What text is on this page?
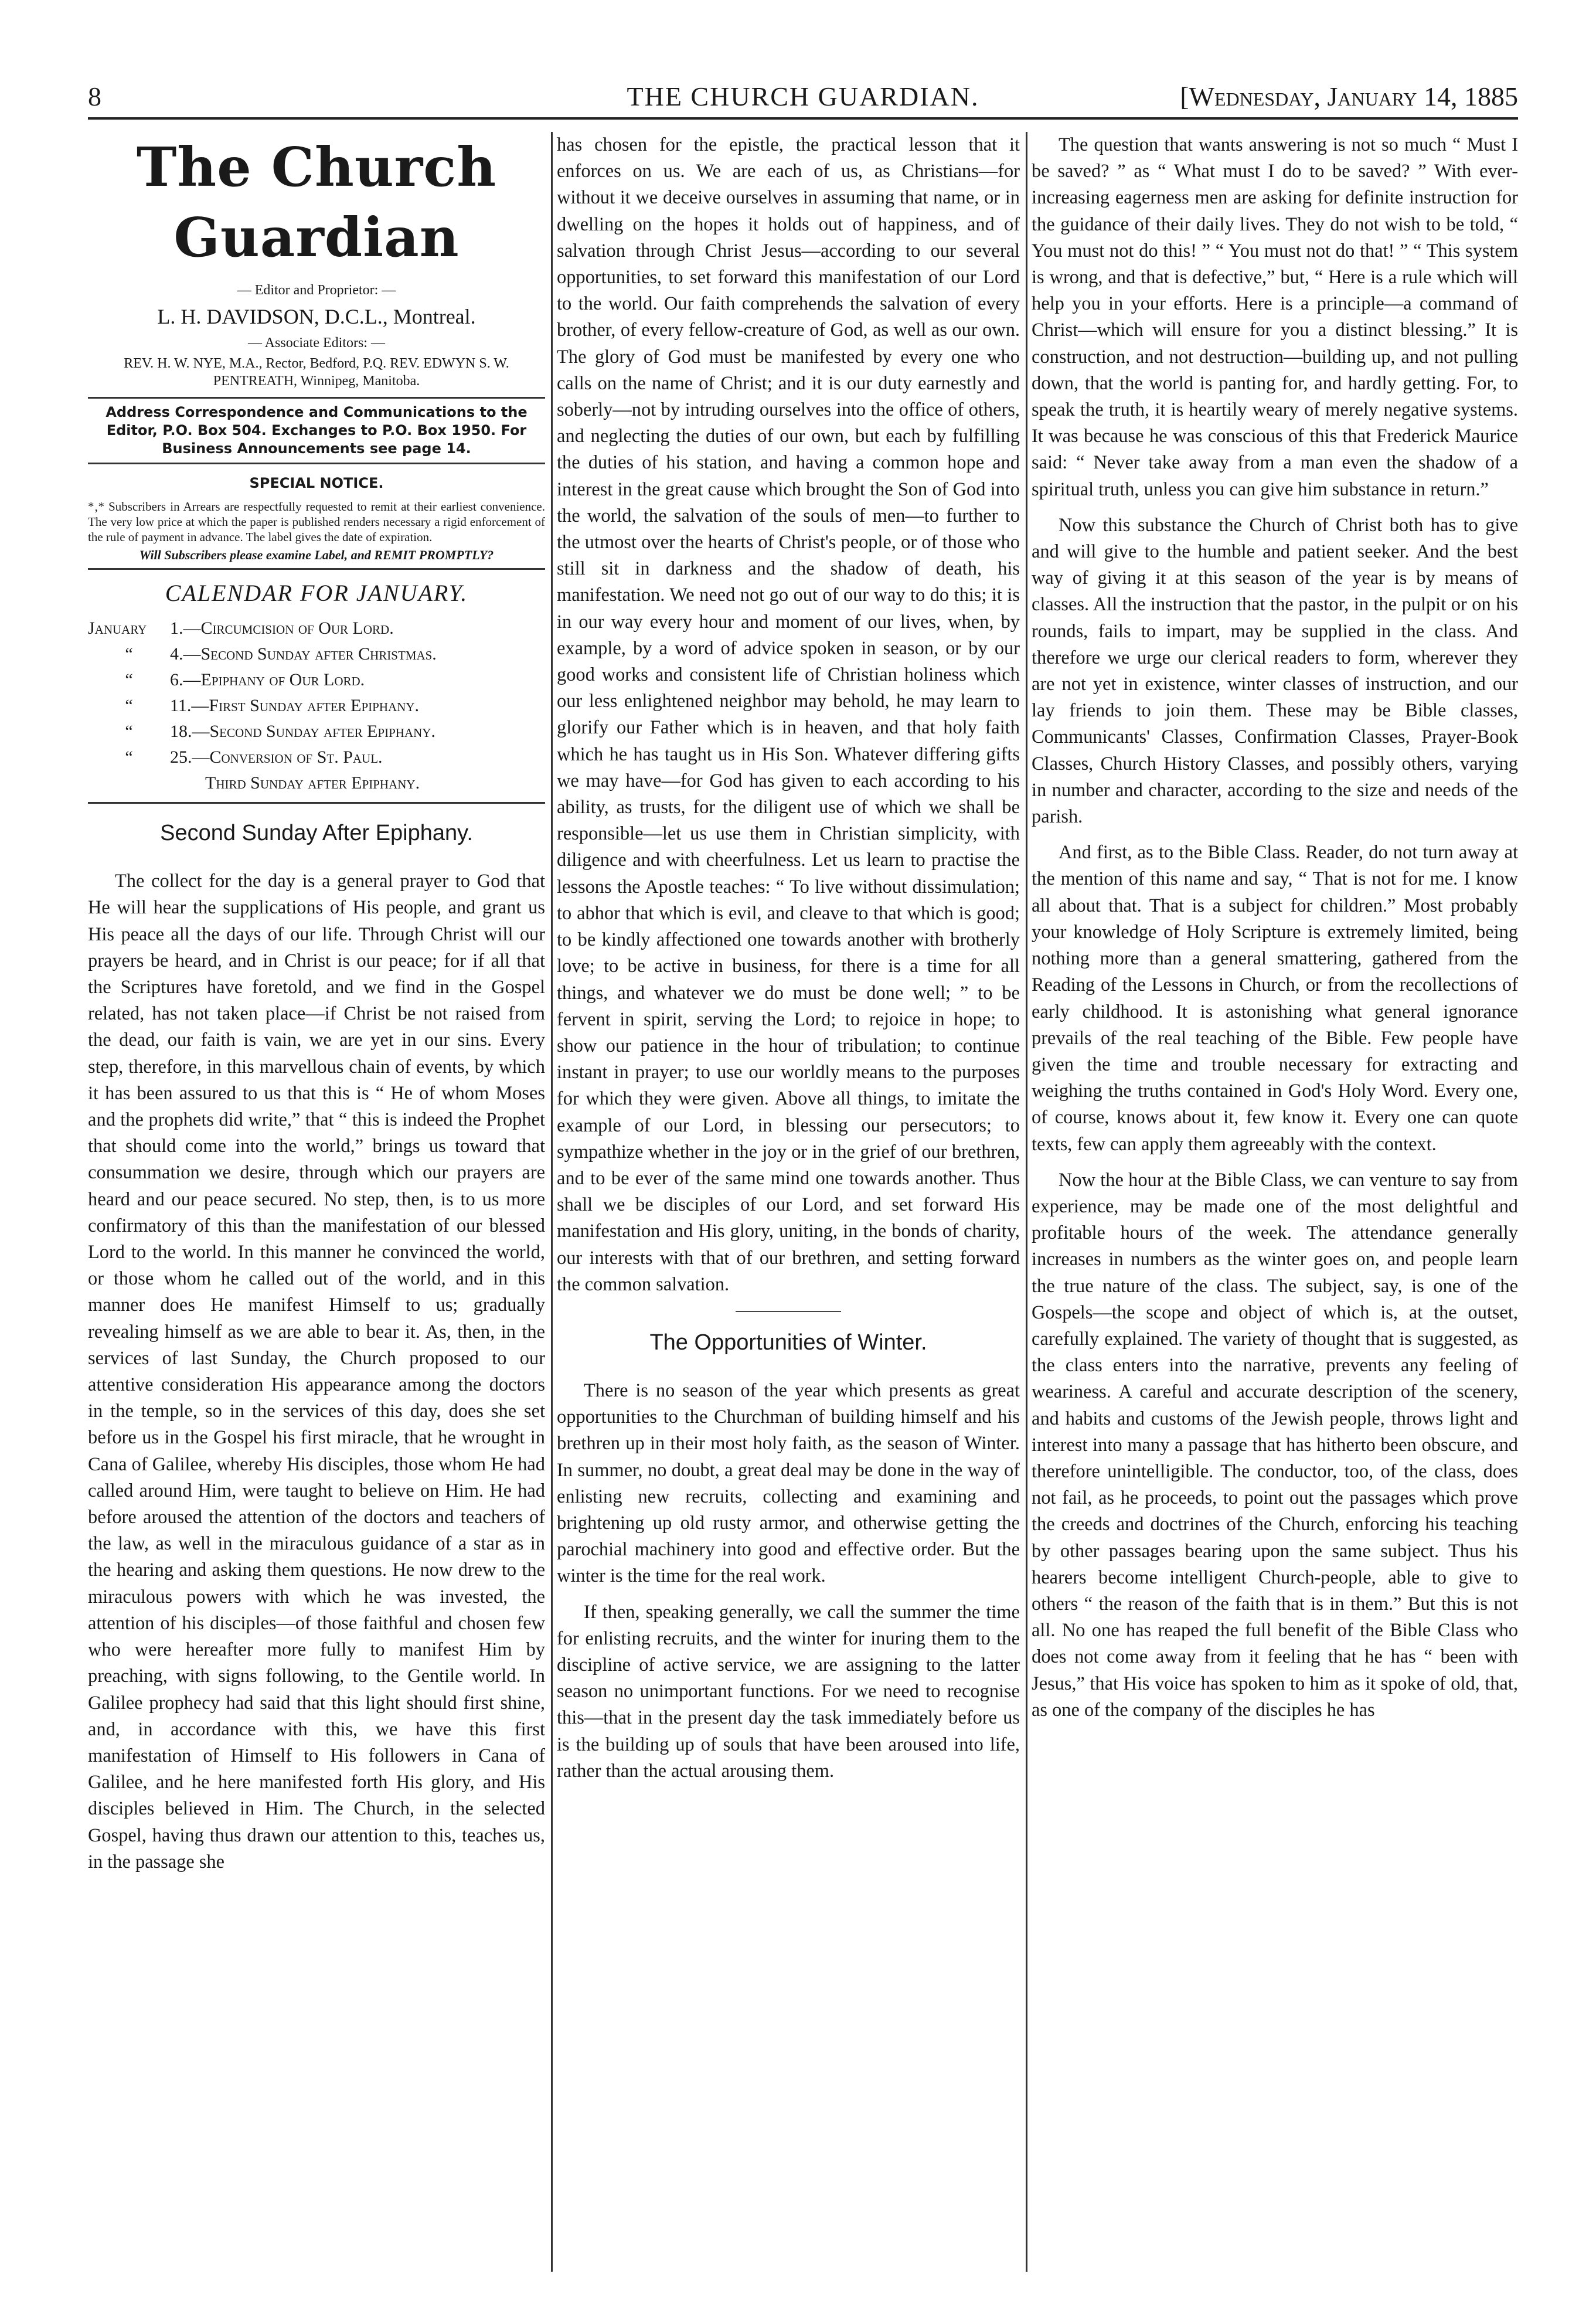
8	THE CHURCH GUARDIAN.	[Wednesday, January 14, 1885
The Church Guardian

— Editor and Proprietor: —

L. H. DAVIDSON, D.C.L., Montreal.

— Associate Editors: —

REV. H. W. NYE, M.A., Rector, Bedford, P.Q. REV. EDWYN S. W. PENTREATH, Winnipeg, Manitoba.

Address Correspondence and Communications to the Editor, P.O. Box 504. Exchanges to P.O. Box 1950. For Business Announcements see page 14.

SPECIAL NOTICE.

*‚* Subscribers in Arrears are respectfully requested to remit at their earliest convenience. The very low price at which the paper is published renders necessary a rigid enforcement of the rule of payment in advance. The label gives the date of expiration.

Will Subscribers please examine Label, and REMIT PROMPTLY?

CALENDAR FOR JANUARY.
January	1.—Circumcision of Our Lord.
“	4.—Second Sunday after Christmas.
“	6.—Epiphany of Our Lord.
“	11.—First Sunday after Epiphany.
“	18.—Second Sunday after Epiphany.
“	25.—Conversion of St. Paul.
Third Sunday after Epiphany.
Second Sunday After Epiphany.

The collect for the day is a general prayer to God that He will hear the supplications of His people, and grant us His peace all the days of our life. Through Christ will our prayers be heard, and in Christ is our peace; for if all that the Scriptures have foretold, and we find in the Gospel related, has not taken place—if Christ be not raised from the dead, our faith is vain, we are yet in our sins. Every step, therefore, in this marvellous chain of events, by which it has been assured to us that this is “ He of whom Moses and the prophets did write,” that “ this is indeed the Prophet that should come into the world,” brings us toward that consummation we desire, through which our prayers are heard and our peace secured. No step, then, is to us more confirmatory of this than the manifestation of our blessed Lord to the world. In this manner he convinced the world, or those whom he called out of the world, and in this manner does He manifest Himself to us; gradually revealing himself as we are able to bear it. As, then, in the services of last Sunday, the Church proposed to our attentive consideration His appearance among the doctors in the temple, so in the services of this day, does she set before us in the Gospel his first miracle, that he wrought in Cana of Galilee, whereby His disciples, those whom He had called around Him, were taught to believe on Him. He had before aroused the attention of the doctors and teachers of the law, as well in the miraculous guidance of a star as in the hearing and asking them questions. He now drew to the miraculous powers with which he was invested, the attention of his disciples—of those faithful and chosen few who were hereafter more fully to manifest Him by preaching, with signs following, to the Gentile world. In Galilee prophecy had said that this light should first shine, and, in accordance with this, we have this first manifestation of Himself to His followers in Cana of Galilee, and he here manifested forth His glory, and His disciples believed in Him. The Church, in the selected Gospel, having thus drawn our attention to this, teaches us, in the passage she

has chosen for the epistle, the practical lesson that it enforces on us. We are each of us, as Christians—for without it we deceive ourselves in assuming that name, or in dwelling on the hopes it holds out of happiness, and of salvation through Christ Jesus—according to our several opportunities, to set forward this manifestation of our Lord to the world. Our faith comprehends the salvation of every brother, of every fellow-creature of God, as well as our own. The glory of God must be manifested by every one who calls on the name of Christ; and it is our duty earnestly and soberly—not by intruding ourselves into the office of others, and neglecting the duties of our own, but each by fulfilling the duties of his station, and having a common hope and interest in the great cause which brought the Son of God into the world, the salvation of the souls of men—to further to the utmost over the hearts of Christ's people, or of those who still sit in darkness and the shadow of death, his manifestation. We need not go out of our way to do this; it is in our way every hour and moment of our lives, when, by example, by a word of advice spoken in season, or by our good works and consistent life of Christian holiness which our less enlightened neighbor may behold, he may learn to glorify our Father which is in heaven, and that holy faith which he has taught us in His Son. Whatever differing gifts we may have—for God has given to each according to his ability, as trusts, for the diligent use of which we shall be responsible—let us use them in Christian simplicity, with diligence and with cheerfulness. Let us learn to practise the lessons the Apostle teaches: “ To live without dissimulation; to abhor that which is evil, and cleave to that which is good; to be kindly affectioned one towards another with brotherly love; to be active in business, for there is a time for all things, and whatever we do must be done well; ” to be fervent in spirit, serving the Lord; to rejoice in hope; to show our patience in the hour of tribulation; to continue instant in prayer; to use our worldly means to the purposes for which they were given. Above all things, to imitate the example of our Lord, in blessing our persecutors; to sympathize whether in the joy or in the grief of our brethren, and to be ever of the same mind one towards another. Thus shall we be disciples of our Lord, and set forward His manifestation and His glory, uniting, in the bonds of charity, our interests with that of our brethren, and setting forward the common salvation.

The Opportunities of Winter.

There is no season of the year which presents as great opportunities to the Churchman of building himself and his brethren up in their most holy faith, as the season of Winter. In summer, no doubt, a great deal may be done in the way of enlisting new recruits, collecting and examining and brightening up old rusty armor, and otherwise getting the parochial machinery into good and effective order. But the winter is the time for the real work.

If then, speaking generally, we call the summer the time for enlisting recruits, and the winter for inuring them to the discipline of active service, we are assigning to the latter season no unimportant functions. For we need to recognise this—that in the present day the task immediately before us is the building up of souls that have been aroused into life, rather than the actual arousing them.

The question that wants answering is not so much “ Must I be saved? ” as “ What must I do to be saved? ” With ever-increasing eagerness men are asking for definite instruction for the guidance of their daily lives. They do not wish to be told, “ You must not do this! ” “ You must not do that! ” “ This system is wrong, and that is defective,” but, “ Here is a rule which will help you in your efforts. Here is a principle—a command of Christ—which will ensure for you a distinct blessing.” It is construction, and not destruction—building up, and not pulling down, that the world is panting for, and hardly getting. For, to speak the truth, it is heartily weary of merely negative systems. It was because he was conscious of this that Frederick Maurice said: “ Never take away from a man even the shadow of a spiritual truth, unless you can give him substance in return.”

Now this substance the Church of Christ both has to give and will give to the humble and patient seeker. And the best way of giving it at this season of the year is by means of classes. All the instruction that the pastor, in the pulpit or on his rounds, fails to impart, may be supplied in the class. And therefore we urge our clerical readers to form, wherever they are not yet in existence, winter classes of instruction, and our lay friends to join them. These may be Bible classes, Communicants' Classes, Confirmation Classes, Prayer-Book Classes, Church History Classes, and possibly others, varying in number and character, according to the size and needs of the parish.

And first, as to the Bible Class. Reader, do not turn away at the mention of this name and say, “ That is not for me. I know all about that. That is a subject for children.” Most probably your knowledge of Holy Scripture is extremely limited, being nothing more than a general smattering, gathered from the Reading of the Lessons in Church, or from the recollections of early childhood. It is astonishing what general ignorance prevails of the real teaching of the Bible. Few people have given the time and trouble necessary for extracting and weighing the truths contained in God's Holy Word. Every one, of course, knows about it, few know it. Every one can quote texts, few can apply them agreeably with the context.

Now the hour at the Bible Class, we can venture to say from experience, may be made one of the most delightful and profitable hours of the week. The attendance generally increases in numbers as the winter goes on, and people learn the true nature of the class. The subject, say, is one of the Gospels—the scope and object of which is, at the outset, carefully explained. The variety of thought that is suggested, as the class enters into the narrative, prevents any feeling of weariness. A careful and accurate description of the scenery, and habits and customs of the Jewish people, throws light and interest into many a passage that has hitherto been obscure, and therefore unintelligible. The conductor, too, of the class, does not fail, as he proceeds, to point out the passages which prove the creeds and doctrines of the Church, enforcing his teaching by other passages bearing upon the same subject. Thus his hearers become intelligent Church-people, able to give to others “ the reason of the faith that is in them.” But this is not all. No one has reaped the full benefit of the Bible Class who does not come away from it feeling that he has “ been with Jesus,” that His voice has spoken to him as it spoke of old, that, as one of the company of the disciples he has
